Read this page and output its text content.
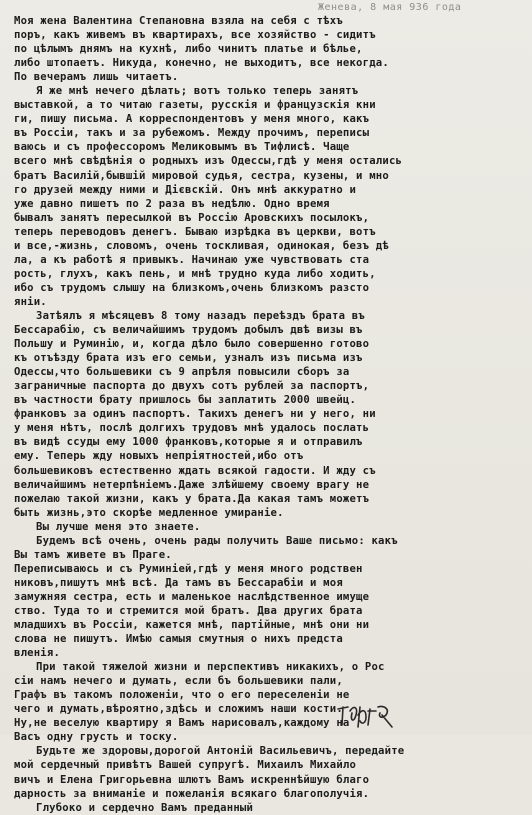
Женева, 8 мая 936 года
Моя жена Валентина Степановна взяла на себя с тѣхъ
поръ, какъ живемъ въ квартирахъ, все хозяйство - сидитъ
по цѣлымъ днямъ на кухнѣ, либо чинитъ платье и бѣлье,
либо штопаетъ. Никуда, конечно, не выходитъ, все некогда.
По вечерамъ лишь читаетъ.
Я же мнѣ нечего дѣлать; вотъ только теперь занятъ
выставкой, а то читаю газеты, русскія и французскія кни
ги, пишу письма. А корреспондентовъ у меня много, какъ
въ Россіи, такъ и за рубежомъ. Между прочимъ, переписы
ваюсь и съ профессоромъ Меликовымъ въ Тифлисѣ. Чаще
всего мнѣ свѣдѣнія о родныхъ изъ Одессы,гдѣ у меня остались
братъ Василій,бывшій мировой судья, сестра, кузены, и мно
го друзей между ними и Дієвскій. Онъ мнѣ аккуратно и
уже давно пишетъ по 2 раза въ недѣлю. Одно время
бывалъ занятъ пересылкой въ Россію Аровскихъ посылокъ,
теперь переводовъ денегъ. Бываю изрѣдка въ церкви, вотъ
и все,-жизнь, словомъ, очень тоскливая, одинокая, безъ дѣ
ла, а къ работѣ я привыкъ. Начинаю уже чувствовать ста
рость, глухъ, какъ пень, и мнѣ трудно куда либо ходить,
ибо съ трудомъ слышу на близкомъ,очень близкомъ разсто
яніи.
Затѣялъ я мѣсяцевъ 8 тому назадъ переѣздъ брата въ
Бессарабію, съ величайшимъ трудомъ добылъ двѣ визы въ
Польшу и Руминію, и, когда дѣло было совершенно готово
къ отъѣзду брата изъ его семьи, узналъ изъ письма изъ
Одессы,что большевики съ 9 апрѣля повысили сборъ за
заграничные паспорта до двухъ сотъ рублей за паспортъ,
въ частности брату пришлось бы заплатить 2000 швейц.
франковъ за одинъ паспортъ. Такихъ денегъ ни у него, ни
у меня нѣтъ, послѣ долгихъ трудовъ мнѣ удалось послать
въ видѣ ссуды ему 1000 франковъ,которые я и отправилъ
ему. Теперь жду новыхъ непріятностей,ибо отъ
большевиковъ естественно ждать всякой гадости. И жду съ
величайшимъ нетерпѣніемъ.Даже злѣйшему своему врагу не
пожелаю такой жизни, какъ у брата.Да какая тамъ можетъ
быть жизнь,это скорѣе медленное умираніе.
Вы лучше меня это знаете.
Будемъ всѣ очень, очень рады получить Ваше письмо: какъ
Вы тамъ живете въ Праге.
Переписываюсь и съ Руминіей,гдѣ у меня много родствен
никовъ,пишутъ мнѣ всѣ. Да тамъ въ Бессарабіи и моя
замужняя сестра, есть и маленькое наслѣдственное имуще
ство. Туда то и стремится мой братъ. Два других брата
младшихъ въ Россіи, кажется мнѣ, партійные, мнѣ они ни
слова не пишутъ. Имѣю самыя смутныя о нихъ предста
вленія.
При такой тяжелой жизни и перспективъ никакихъ, о Рос
сіи намъ нечего и думать, если бъ большевики пали,
Графъ въ такомъ положеніи, что о его переселеніи не
чего и думать,вѣроятно,здѣсь и сложимъ наши кости.
Ну,не веселую квартиру я Вамъ нарисовалъ,каждому на
Васъ одну грусть и тоску.
Будьте же здоровы,дорогой Антоній Васильевичъ, передайте
мой сердечный привѣтъ Вашей супругѣ. Михаилъ Михайло
вичъ и Елена Григорьевна шлютъ Вамъ искреннѣйшую благо
дарность за вниманіе и пожеланія всякаго благополучія.
Глубоко и сердечно Вамъ преданный
